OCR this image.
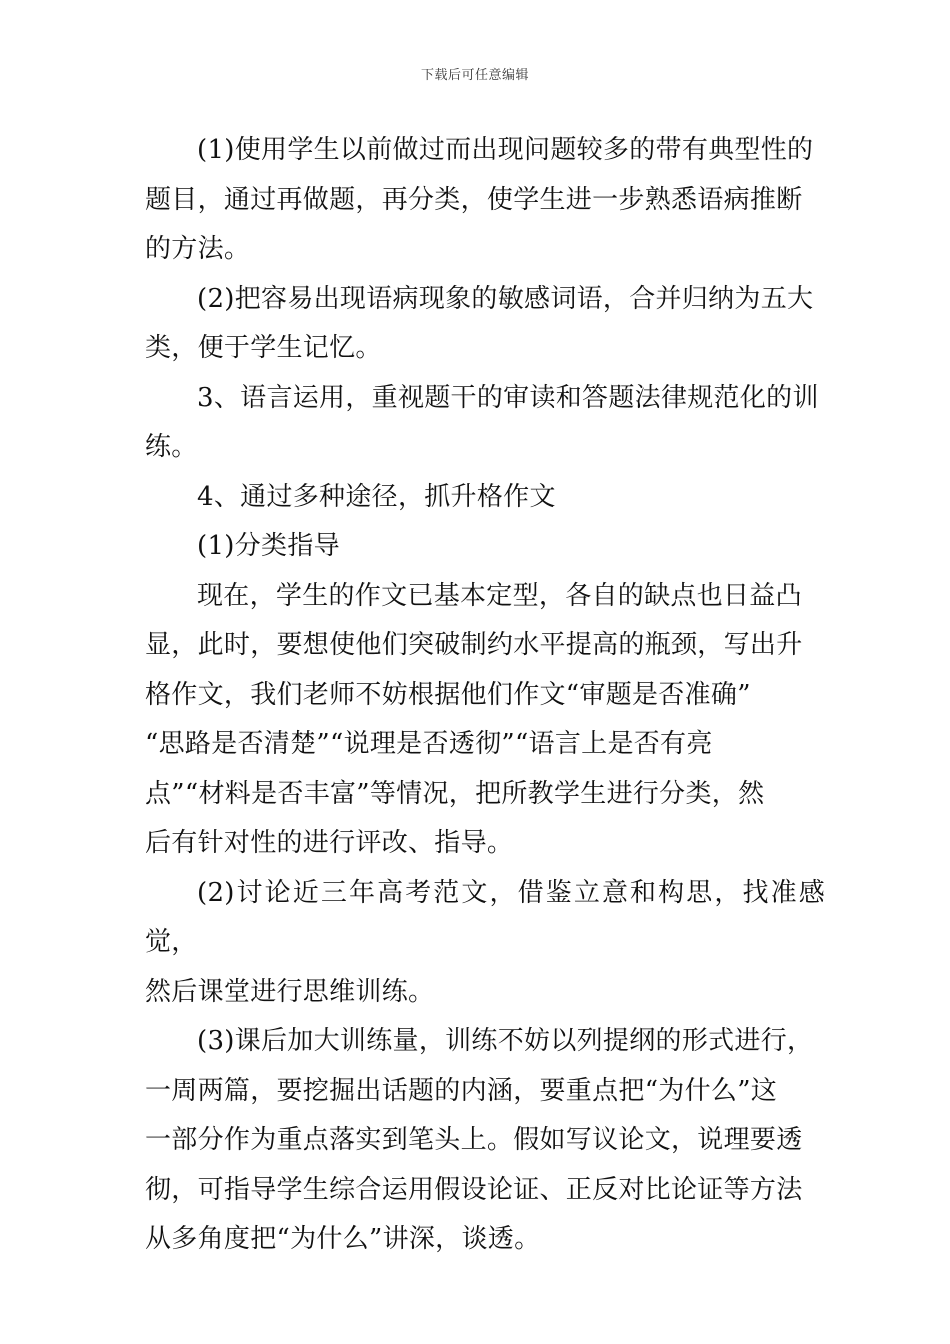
下载后可任意编辑

(1)使用学生以前做过而出现问题较多的带有典型性的
题目，通过再做题，再分类，使学生进一步熟悉语病推断
的方法。

(2)把容易出现语病现象的敏感词语，合并归纳为五大
类，便于学生记忆。

3、语言运用，重视题干的审读和答题法律规范化的训
练。

4、通过多种途径，抓升格作文

(1)分类指导

现在，学生的作文已基本定型，各自的缺点也日益凸
显，此时，要想使他们突破制约水平提高的瓶颈，写出升
格作文，我们老师不妨根据他们作文“审题是否准确”
“思路是否清楚”“说理是否透彻”“语言上是否有亮
点”“材料是否丰富”等情况，把所教学生进行分类，然
后有针对性的进行评改、指导。

(2)讨论近三年高考范文，借鉴立意和构思，找准感觉，
然后课堂进行思维训练。

(3)课后加大训练量，训练不妨以列提纲的形式进行，
一周两篇，要挖掘出话题的内涵，要重点把“为什么”这
一部分作为重点落实到笔头上。假如写议论文，说理要透
彻，可指导学生综合运用假设论证、正反对比论证等方法
从多角度把“为什么”讲深，谈透。
